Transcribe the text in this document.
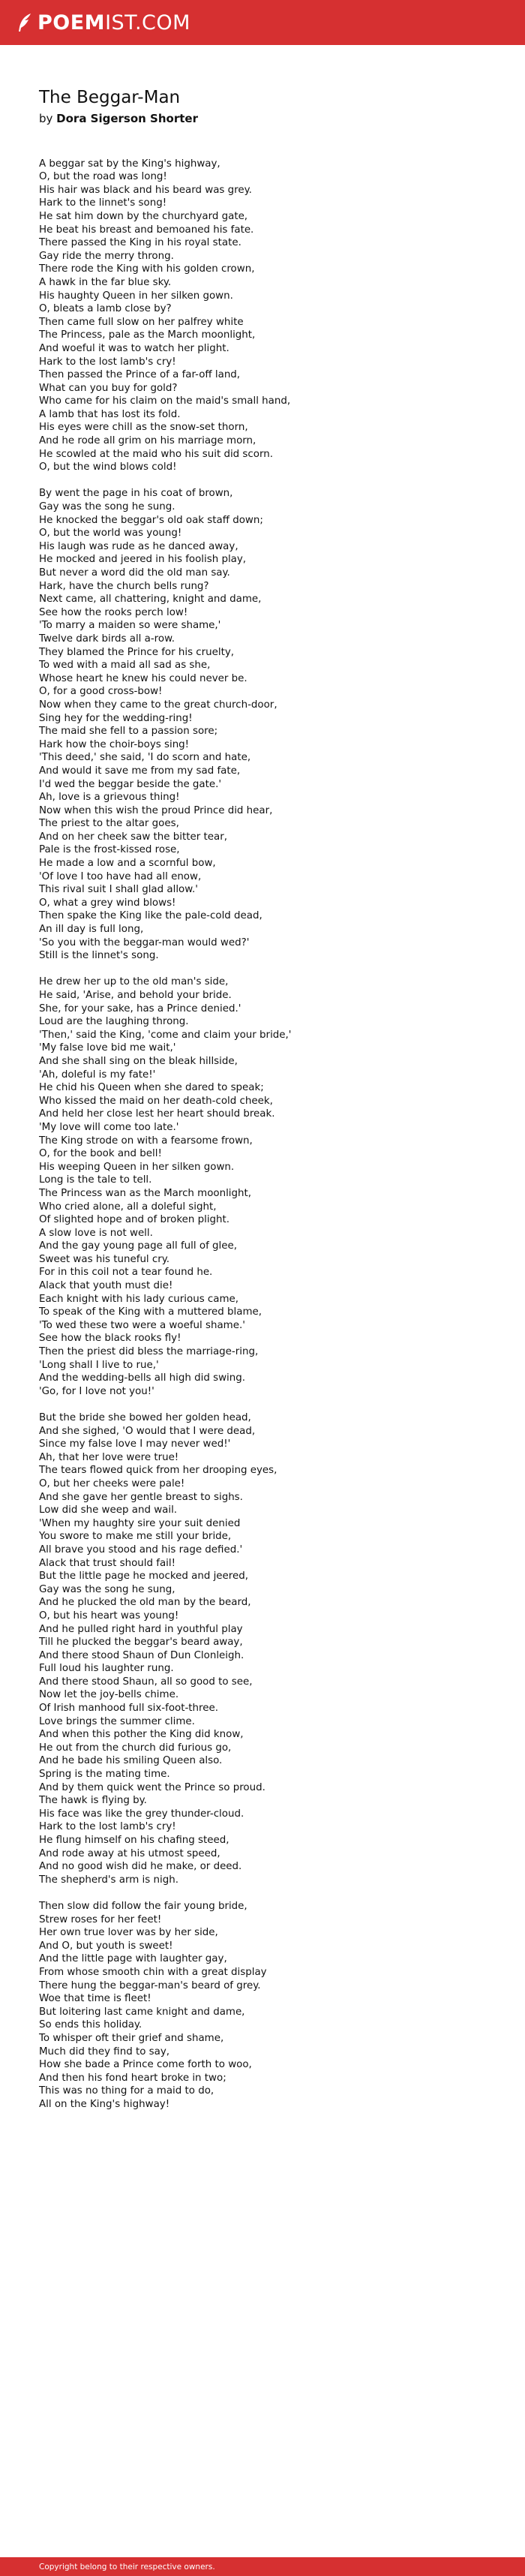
POEMIST.COM
The Beggar-Man
by Dora Sigerson Shorter
A beggar sat by the King's highway,
O, but the road was long!
His hair was black and his beard was grey.
Hark to the linnet's song!
He sat him down by the churchyard gate,
He beat his breast and bemoaned his fate.
There passed the King in his royal state.
Gay ride the merry throng.
There rode the King with his golden crown,
A hawk in the far blue sky.
His haughty Queen in her silken gown.
O, bleats a lamb close by?
Then came full slow on her palfrey white
The Princess, pale as the March moonlight,
And woeful it was to watch her plight.
Hark to the lost lamb's cry!
Then passed the Prince of a far-off land,
What can you buy for gold?
Who came for his claim on the maid's small hand,
A lamb that has lost its fold.
His eyes were chill as the snow-set thorn,
And he rode all grim on his marriage morn,
He scowled at the maid who his suit did scorn.
O, but the wind blows cold!
By went the page in his coat of brown,
Gay was the song he sung.
He knocked the beggar's old oak staff down;
O, but the world was young!
His laugh was rude as he danced away,
He mocked and jeered in his foolish play,
But never a word did the old man say.
Hark, have the church bells rung?
Next came, all chattering, knight and dame,
See how the rooks perch low!
'To marry a maiden so were shame,'
Twelve dark birds all a-row.
They blamed the Prince for his cruelty,
To wed with a maid all sad as she,
Whose heart he knew his could never be.
O, for a good cross-bow!
Now when they came to the great church-door,
Sing hey for the wedding-ring!
The maid she fell to a passion sore;
Hark how the choir-boys sing!
'This deed,' she said, 'I do scorn and hate,
And would it save me from my sad fate,
I'd wed the beggar beside the gate.'
Ah, love is a grievous thing!
Now when this wish the proud Prince did hear,
The priest to the altar goes,
And on her cheek saw the bitter tear,
Pale is the frost-kissed rose,
He made a low and a scornful bow,
'Of love I too have had all enow,
This rival suit I shall glad allow.'
O, what a grey wind blows!
Then spake the King like the pale-cold dead,
An ill day is full long,
'So you with the beggar-man would wed?'
Still is the linnet's song.
He drew her up to the old man's side,
He said, 'Arise, and behold your bride.
She, for your sake, has a Prince denied.'
Loud are the laughing throng.
'Then,' said the King, 'come and claim your bride,'
'My false love bid me wait,'
And she shall sing on the bleak hillside,
'Ah, doleful is my fate!'
He chid his Queen when she dared to speak;
Who kissed the maid on her death-cold cheek,
And held her close lest her heart should break.
'My love will come too late.'
The King strode on with a fearsome frown,
O, for the book and bell!
His weeping Queen in her silken gown.
Long is the tale to tell.
The Princess wan as the March moonlight,
Who cried alone, all a doleful sight,
Of slighted hope and of broken plight.
A slow love is not well.
And the gay young page all full of glee,
Sweet was his tuneful cry.
For in this coil not a tear found he.
Alack that youth must die!
Each knight with his lady curious came,
To speak of the King with a muttered blame,
'To wed these two were a woeful shame.'
See how the black rooks fly!
Then the priest did bless the marriage-ring,
'Long shall I live to rue,'
And the wedding-bells all high did swing.
'Go, for I love not you!'
But the bride she bowed her golden head,
And she sighed, 'O would that I were dead,
Since my false love I may never wed!'
Ah, that her love were true!
The tears flowed quick from her drooping eyes,
O, but her cheeks were pale!
And she gave her gentle breast to sighs.
Low did she weep and wail.
'When my haughty sire your suit denied
You swore to make me still your bride,
All brave you stood and his rage defied.'
Alack that trust should fail!
But the little page he mocked and jeered,
Gay was the song he sung,
And he plucked the old man by the beard,
O, but his heart was young!
And he pulled right hard in youthful play
Till he plucked the beggar's beard away,
And there stood Shaun of Dun Clonleigh.
Full loud his laughter rung.
And there stood Shaun, all so good to see,
Now let the joy-bells chime.
Of Irish manhood full six-foot-three.
Love brings the summer clime.
And when this pother the King did know,
He out from the church did furious go,
And he bade his smiling Queen also.
Spring is the mating time.
And by them quick went the Prince so proud.
The hawk is flying by.
His face was like the grey thunder-cloud.
Hark to the lost lamb's cry!
He flung himself on his chafing steed,
And rode away at his utmost speed,
And no good wish did he make, or deed.
The shepherd's arm is nigh.
Then slow did follow the fair young bride,
Strew roses for her feet!
Her own true lover was by her side,
And O, but youth is sweet!
And the little page with laughter gay,
From whose smooth chin with a great display
There hung the beggar-man's beard of grey.
Woe that time is fleet!
But loitering last came knight and dame,
So ends this holiday.
To whisper oft their grief and shame,
Much did they find to say,
How she bade a Prince come forth to woo,
And then his fond heart broke in two;
This was no thing for a maid to do,
All on the King's highway!
Copyright belong to their respective owners.
